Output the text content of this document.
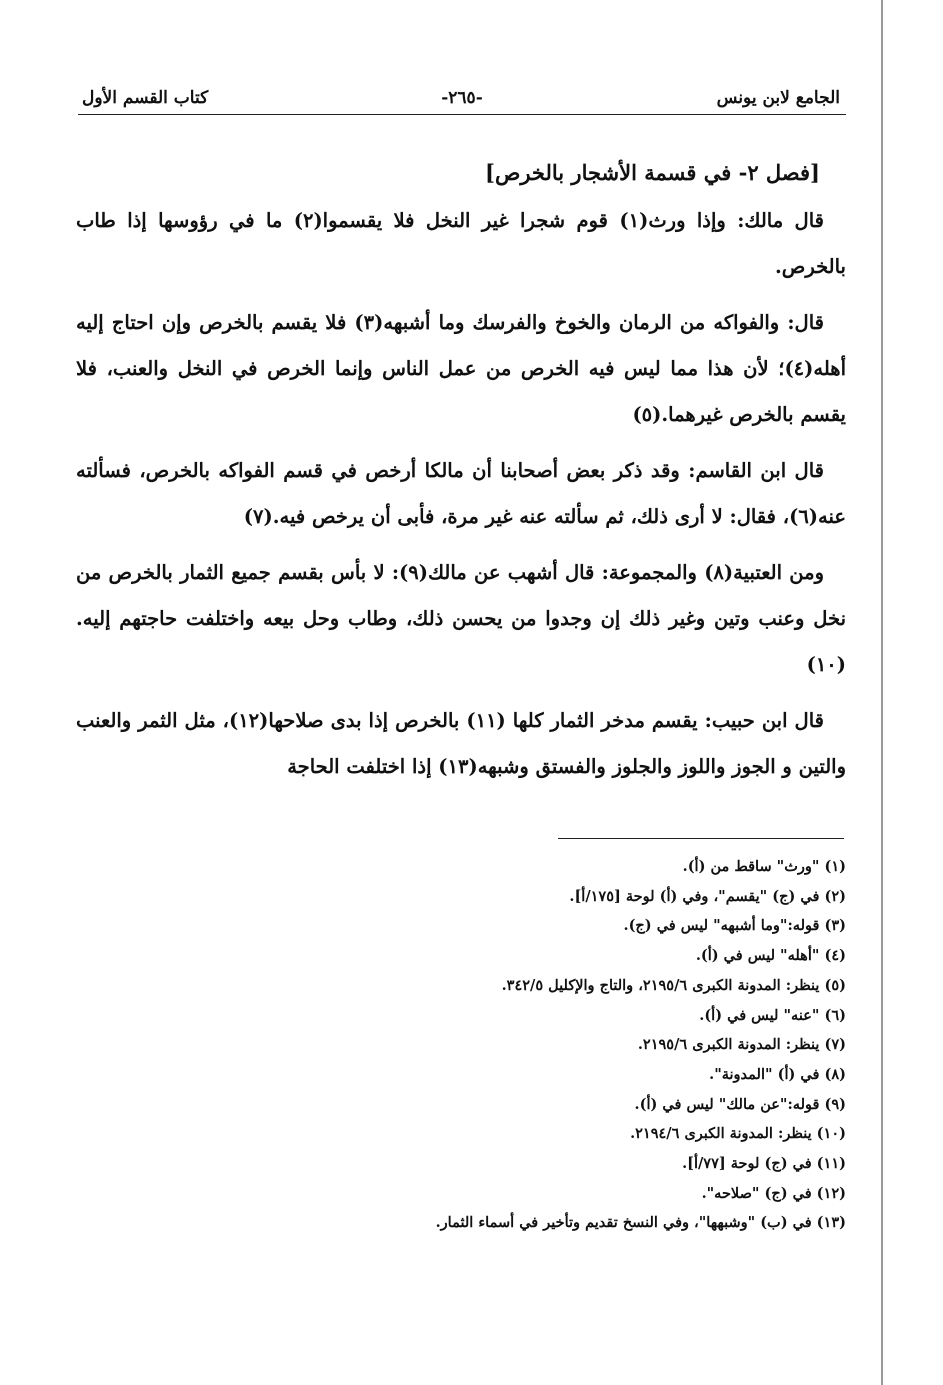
الجامع لابن يونس
-٢٦٥-
كتاب القسم الأول

[فصل ٢- في قسمة الأشجار بالخرص]

قال مالك: وإذا ورث(١) قوم شجرا غير النخل فلا يقسموا(٢) ما في رؤوسها إذا طاب بالخرص.

قال: والفواكه من الرمان والخوخ والفرسك وما أشبهه(٣) فلا يقسم بالخرص وإن احتاج إليه أهله(٤)؛ لأن هذا مما ليس فيه الخرص من عمل الناس وإنما الخرص في النخل والعنب، فلا يقسم بالخرص غيرهما.(٥)

قال ابن القاسم: وقد ذكر بعض أصحابنا أن مالكا أرخص في قسم الفواكه بالخرص، فسألته عنه(٦)، فقال: لا أرى ذلك، ثم سألته عنه غير مرة، فأبى أن يرخص فيه.(٧)

ومن العتبية(٨) والمجموعة: قال أشهب عن مالك(٩): لا بأس بقسم جميع الثمار بالخرص من نخل وعنب وتين وغير ذلك إن وجدوا من يحسن ذلك، وطاب وحل بيعه واختلفت حاجتهم إليه.(١٠)

قال ابن حبيب: يقسم مدخر الثمار كلها (١١) بالخرص إذا بدى صلاحها(١٢)، مثل الثمر والعنب والتين و الجوز واللوز والجلوز والفستق وشبهه(١٣) إذا اختلفت الحاجة

(١) "ورث" ساقط من (أ).
(٢) في (ج) "يقسم"، وفي (أ) لوحة [١٧٥/أ].
(٣) قوله:"وما أشبهه" ليس في (ج).
(٤) "أهله" ليس في (أ).
(٥) ينظر: المدونة الكبرى ٢١٩٥/٦، والتاج والإكليل ٣٤٢/٥.
(٦) "عنه" ليس في (أ).
(٧) ينظر: المدونة الكبرى ٢١٩٥/٦.
(٨) في (أ) "المدونة".
(٩) قوله:"عن مالك" ليس في (أ).
(١٠) ينظر: المدونة الكبرى ٢١٩٤/٦.
(١١) في (ج) لوحة [٧٧/أ].
(١٢) في (ج) "صلاحه".
(١٣) في (ب) "وشبهها"، وفي النسخ تقديم وتأخير في أسماء الثمار.
